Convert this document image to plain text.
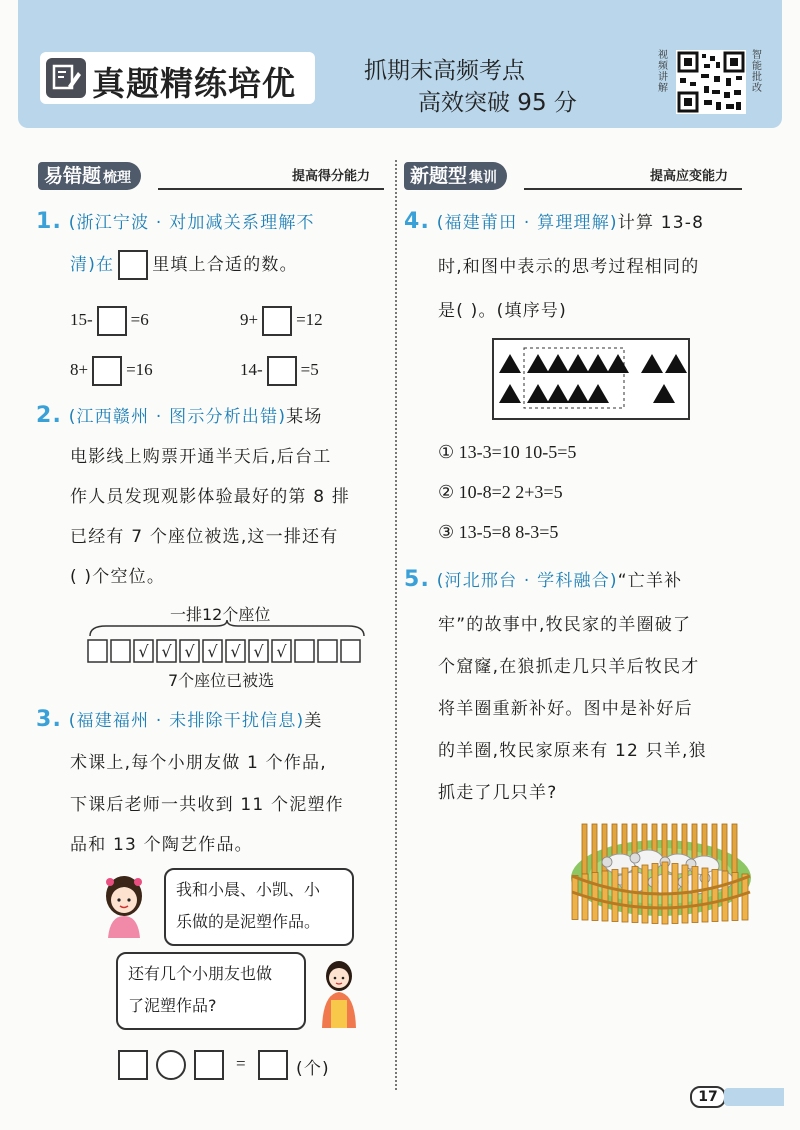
真题精练培优	抓期末高频考点
高效突破 95 分
视频讲解
智能批改
易错题 梳理	提高得分能力	新题型 集训	提高应变能力
1. (浙江宁波 · 对加减关系理解不
清)在 里填上合适的数。
15- =6	9+ =12
8+ =16	14- =5
2. (江西赣州 · 图示分析出错)某场
电影线上购票开通半天后,后台工
作人员发现观影体验最好的第 8 排
已经有 7 个座位被选,这一排还有
( )个空位。
一排12个座位
√ √ √ √ √ √ √
7个座位已被选
3. (福建福州 · 未排除干扰信息)美
术课上,每个小朋友做 1 个作品,
下课后老师一共收到 11 个泥塑作
品和 13 个陶艺作品。
我和小晨、小凯、小
乐做的是泥塑作品。
还有几个小朋友也做
了泥塑作品?
=	(个)
4. (福建莆田 · 算理理解)计算 13-8
时,和图中表示的思考过程相同的
是( )。(填序号)
① 13-3=10 10-5=5
② 10-8=2 2+3=5
③ 13-5=8 8-3=5
5. (河北邢台 · 学科融合)“亡羊补
牢”的故事中,牧民家的羊圈破了
个窟窿,在狼抓走几只羊后牧民才
将羊圈重新补好。图中是补好后
的羊圈,牧民家原来有 12 只羊,狼
抓走了几只羊?
17
